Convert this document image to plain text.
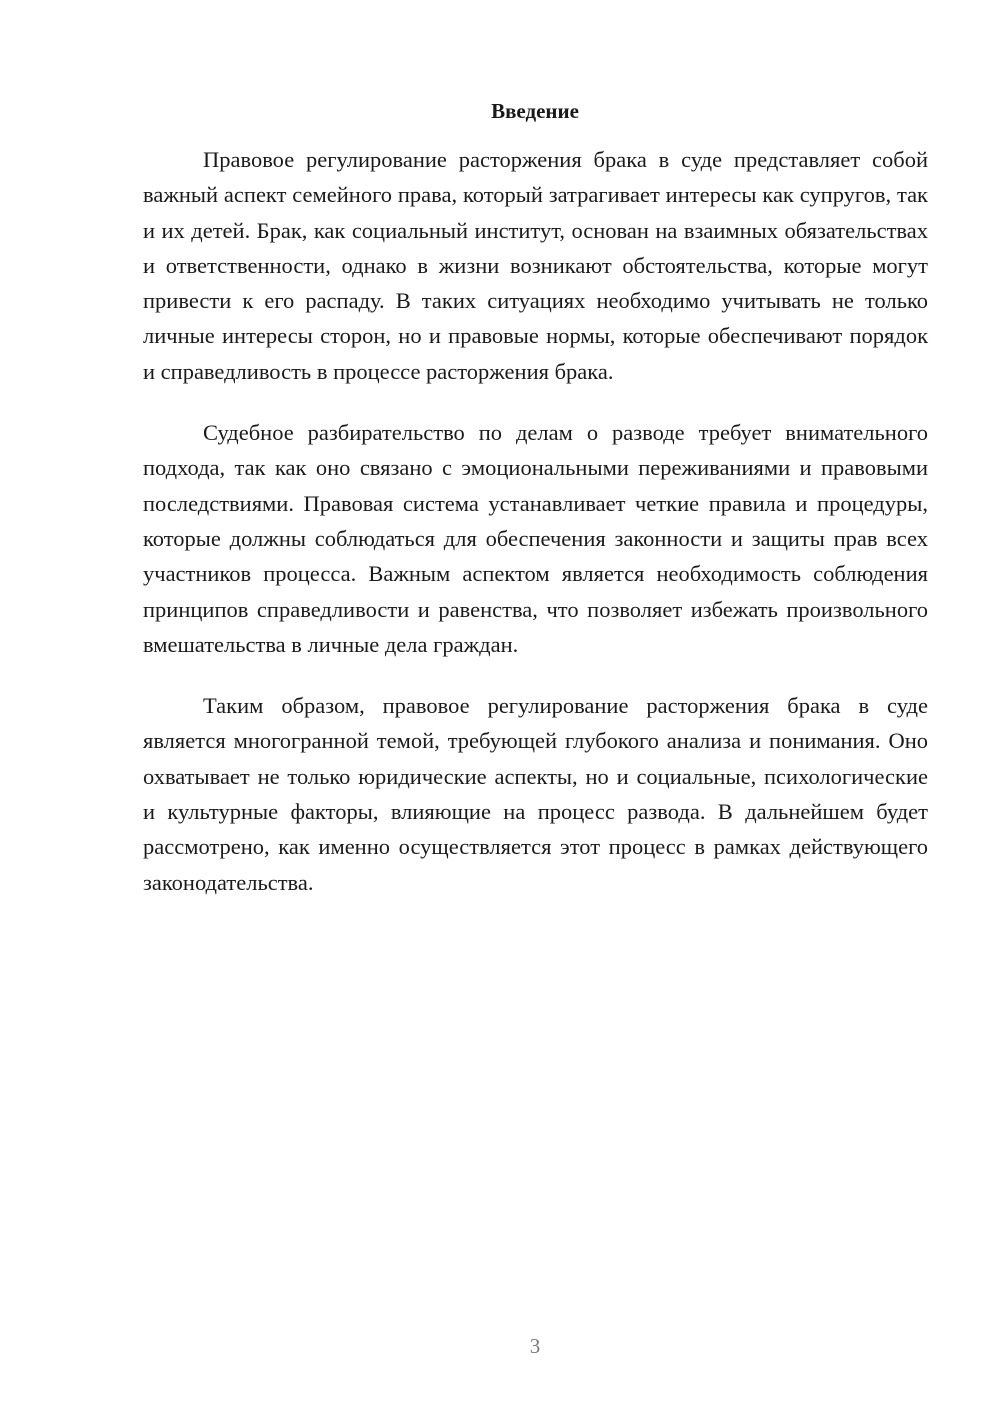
Введение

Правовое регулирование расторжения брака в суде представляет собой важный аспект семейного права, который затрагивает интересы как супругов, так и их детей. Брак, как социальный институт, основан на взаимных обязательствах и ответственности, однако в жизни возникают обстоятельства, которые могут привести к его распаду. В таких ситуациях необходимо учитывать не только личные интересы сторон, но и правовые нормы, которые обеспечивают порядок и справедливость в процессе расторжения брака.

Судебное разбирательство по делам о разводе требует внимательного подхода, так как оно связано с эмоциональными переживаниями и правовыми последствиями. Правовая система устанавливает четкие правила и процедуры, которые должны соблюдаться для обеспечения законности и защиты прав всех участников процесса. Важным аспектом является необходимость соблюдения принципов справедливости и равенства, что позволяет избежать произвольного вмешательства в личные дела граждан.

Таким образом, правовое регулирование расторжения брака в суде является многогранной темой, требующей глубокого анализа и понимания. Оно охватывает не только юридические аспекты, но и социальные, психологические и культурные факторы, влияющие на процесс развода. В дальнейшем будет рассмотрено, как именно осуществляется этот процесс в рамках действующего законодательства.

3
